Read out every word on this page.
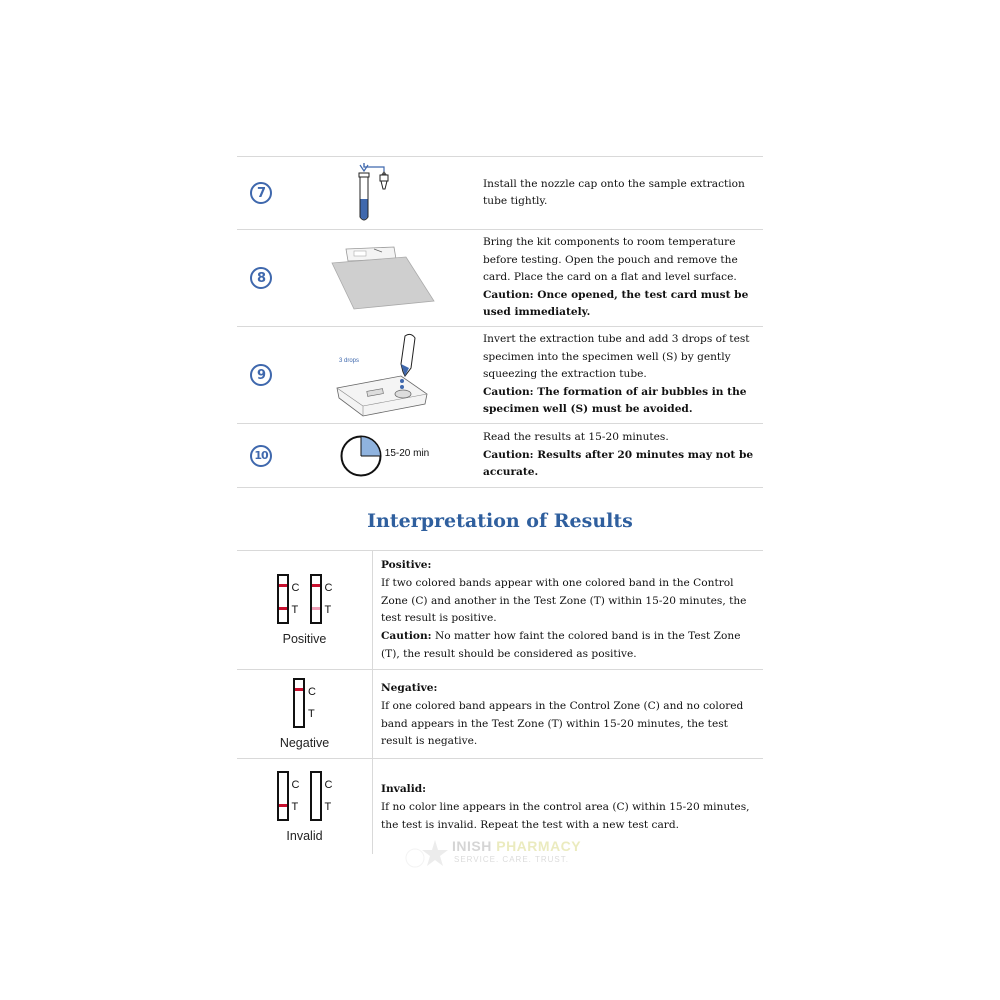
7
Install the nozzle cap onto the sample extraction tube tightly.
8
Bring the kit components to room temperature before testing. Open the pouch and remove the card. Place the card on a flat and level surface.
Caution: Once opened, the test card must be used immediately.
9
3 drops
Invert the extraction tube and add 3 drops of test specimen into the specimen well (S) by gently squeezing the extraction tube.
Caution: The formation of air bubbles in the specimen well (S) must be avoided.
10	15-20 min
Read the results at 15-20 minutes.
Caution: Results after 20 minutes may not be accurate.
Interpretation of Results
C
T
C
T
Positive
Positive:
If two colored bands appear with one colored band in the Control Zone (C) and another in the Test Zone (T) within 15-20 minutes, the test result is positive.
Caution: No matter how faint the colored band is in the Test Zone (T), the result should be considered as positive.
C
T
Negative
Negative:
If one colored band appears in the Control Zone (C) and no colored band appears in the Test Zone (T) within 15-20 minutes, the test result is negative.
C
T
C
T
Invalid
Invalid:
If no color line appears in the control area (C) within 15-20 minutes, the test is invalid. Repeat the test with a new test card.
INISH PHARMACY
SERVICE. CARE. TRUST.
